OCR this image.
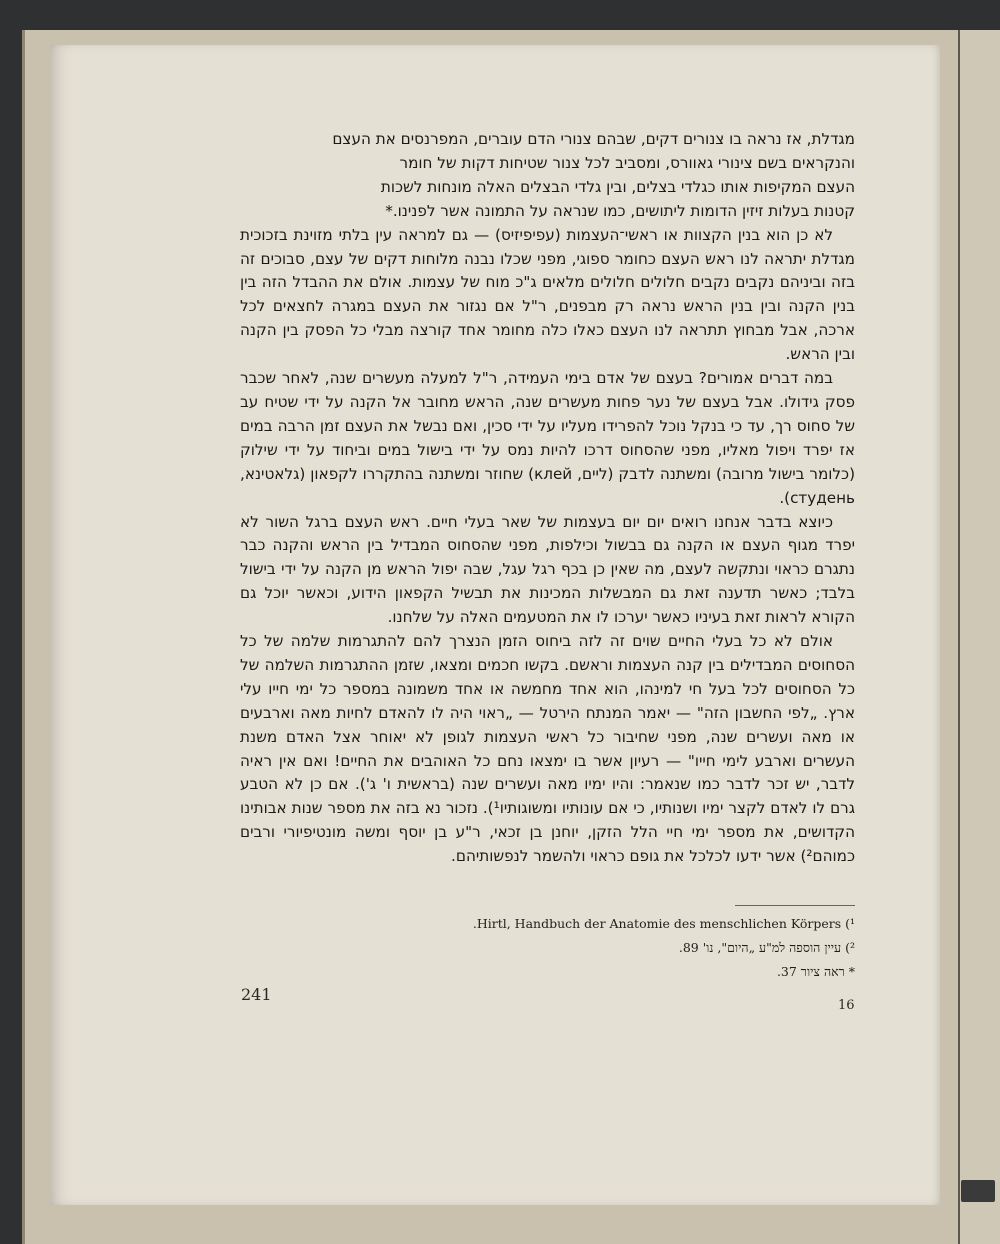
מגדלת, אז נראה בו צנורים דקים, שבהם צנורי הדם עוברים, המפרנסים את העצם

והנקראים בשם צינורי גאוורס, ומסביב לכל צנור שטיחות דקות של חומר

העצם המקיפות אותו כגלדי בצלים, ובין גלדי הבצלים האלה מונחות לשכות

קטנות בעלות זיזין הדומות ליתושים, כמו שנראה על התמונה אשר לפנינו.*

לא כן הוא בנין הקצוות או ראשי־העצמות (עפיפיזיס) — גם למראה עין בלתי מזוינת בזכוכית מגדלת יתראה לנו ראש העצם כחומר ספוגי, מפני שכלו נבנה מלוחות דקים של עצם, סבוכים זה בזה וביניהם נקבים נקבים חלולים חלולים מלאים ג"כ מוח של עצמות. אולם את ההבדל הזה בין בנין הקנה ובין בנין הראש נראה רק מבפנים, ר"ל אם נגזור את העצם במגרה לחצאים לכל ארכה, אבל מבחוץ תתראה לנו העצם כאלו כלה מחומר אחד קורצה מבלי כל הפסק בין הקנה ובין הראש.

במה דברים אמורים? בעצם של אדם בימי העמידה, ר"ל למעלה מעשרים שנה, לאחר שכבר פסק גידולו. אבל בעצם של נער פחות מעשרים שנה, הראש מחובר אל הקנה על ידי שטיח עב של סחוס רך, עד כי בנקל נוכל להפרידו מעליו על ידי סכין, ואם נבשל את העצם זמן הרבה במים אז יפרד ויפול מאליו, מפני שהסחוס דרכו להיות נמס על ידי בישול במים וביחוד על ידי שילוק (כלומר בישול מרובה) ומשתנה לדבק (ליים, клей) שחוזר ומשתנה בהתקררו לקפאון (גלאטינא, студень).

כיוצא בדבר אנחנו רואים יום יום בעצמות של שאר בעלי חיים. ראש העצם ברגל השור לא יפרד מגוף העצם או הקנה גם בבשול וכילפות, מפני שהסחוס המבדיל בין הראש והקנה כבר נתגרם כראוי ונתקשה לעצם, מה שאין כן בכף רגל עגל, שבה יפול הראש מן הקנה על ידי בישול בלבד; כאשר תדענה זאת גם המבשלות המכינות את תבשיל הקפאון הידוע, וכאשר יוכל גם הקורא לראות זאת בעיניו כאשר יערכו לו את המטעמים האלה על שלחנו.

אולם לא כל בעלי החיים שוים זה לזה ביחוס הזמן הנצרך להם להתגרמות שלמה של כל הסחוסים המבדילים בין קנה העצמות וראשם. בקשו חכמים ומצאו, שזמן ההתגרמות השלמה של כל הסחוסים לכל בעל חי למינהו, הוא אחד מחמשה או אחד משמונה במספר כל ימי חייו עלי ארץ. „לפי החשבון הזה" — יאמר המנתח הירטל — „ראוי היה לו להאדם לחיות מאה וארבעים או מאה ועשרים שנה, מפני שחיבור כל ראשי העצמות לגופן לא יאוחר אצל האדם משנת העשרים וארבע לימי חייו" — רעיון אשר בו ימצאו נחם כל האוהבים את החיים! ואם אין ראיה לדבר, יש זכר לדבר כמו שנאמר: והיו ימיו מאה ועשרים שנה (בראשית ו' ג'). אם כן לא הטבע גרם לו לאדם לקצר ימיו ושנותיו, כי אם עונותיו ומשוגותיו¹). נזכור נא בזה את מספר שנות אבותינו הקדושים, את מספר ימי חיי הלל הזקן, יוחנן בן זכאי, ר"ע בן יוסף ומשה מונטיפיורי ורבים כמוהם²) אשר ידעו לכלכל את גופם כראוי ולהשמר לנפשותיהם.

Hirtl, Handbuch der Anatomie des menschlichen Körpers (¹.
²) עיין הוספה למ"ע „היום", נו' 89.
* ראה ציור 37.
241
16
